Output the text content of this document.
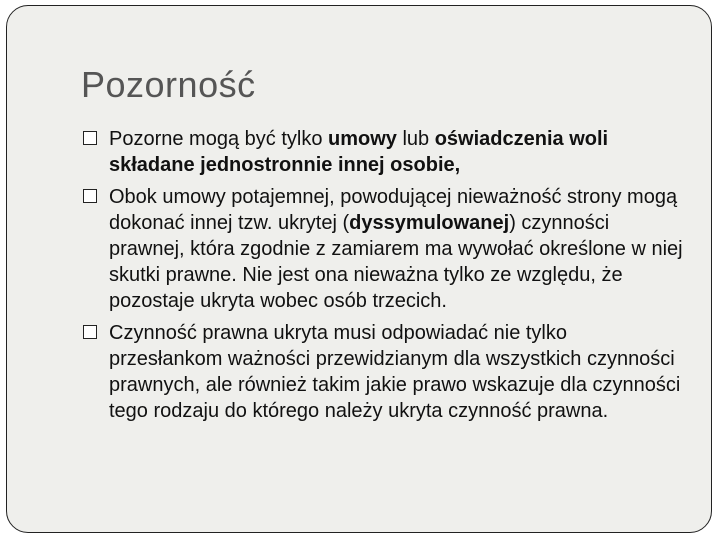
Pozorność
Pozorne mogą być tylko umowy lub oświadczenia woli składane jednostronnie innej osobie,
Obok umowy potajemnej, powodującej nieważność strony mogą dokonać innej tzw. ukrytej (dyssymulowanej) czynności prawnej, która zgodnie z zamiarem ma wywołać określone w niej skutki prawne. Nie jest ona nieważna tylko ze względu, że pozostaje ukryta wobec osób trzecich.
Czynność prawna ukryta musi odpowiadać nie tylko przesłankom ważności przewidzianym dla wszystkich czynności prawnych, ale również takim jakie prawo wskazuje dla czynności tego rodzaju do którego należy ukryta czynność prawna.
